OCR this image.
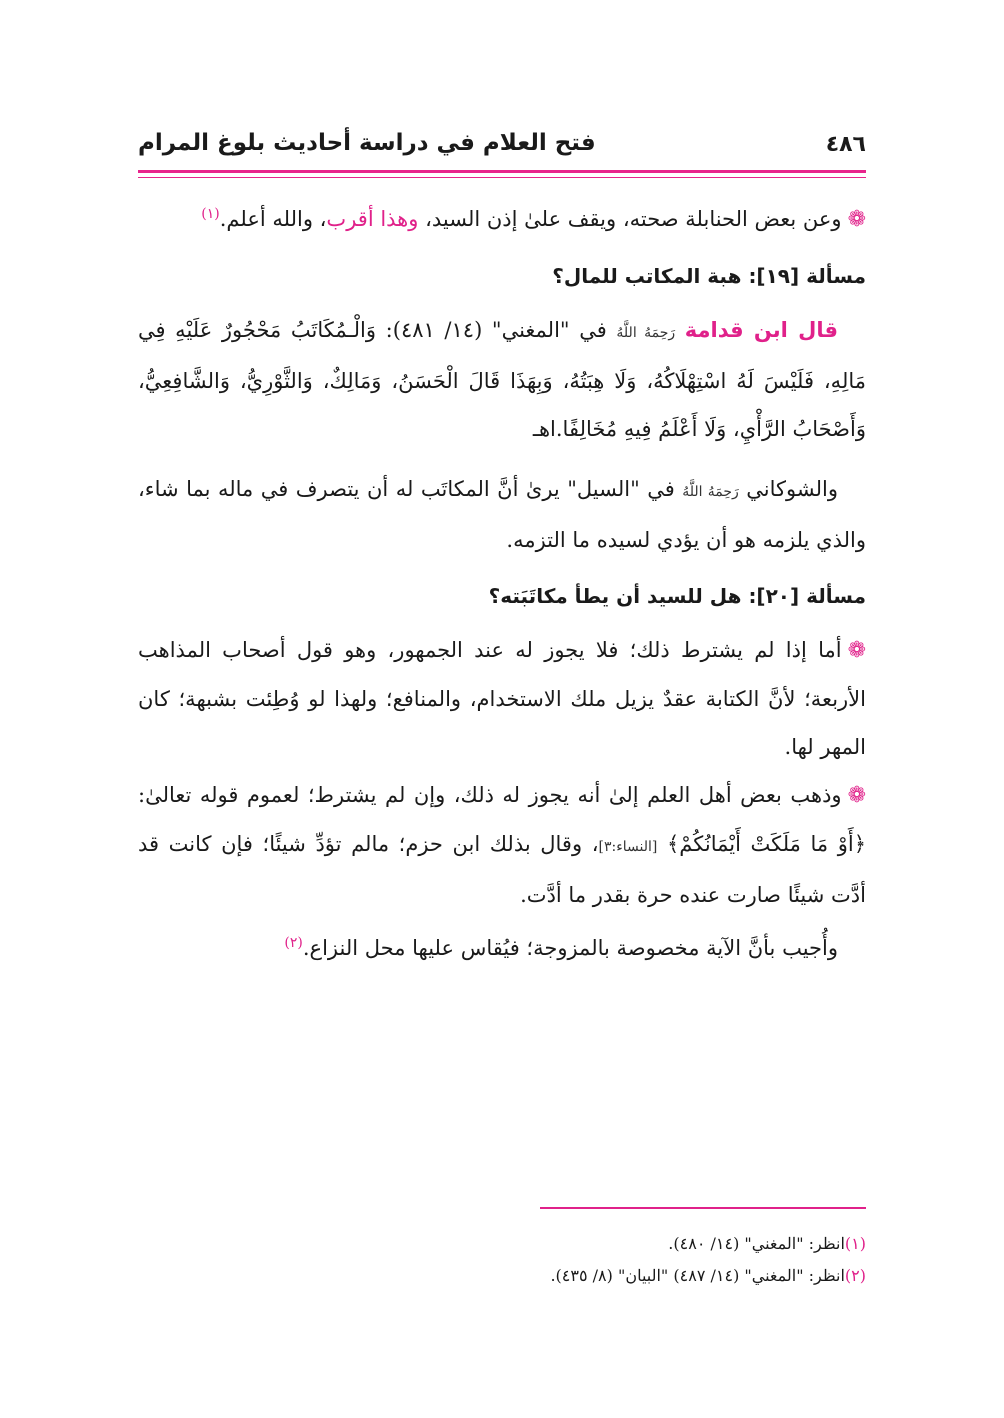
٤٨٦
فتح العلام في دراسة أحاديث بلوغ المرام

❁وعن بعض الحنابلة صحته، ويقف علىٰ إذن السيد، وهذا أقرب، والله أعلم.$^{(١)}$

مسألة [١٩]: هبة المكاتب للمال؟

قال ابن قدامة رَحِمَهُ اللَّهُ في "المغني" (١٤/ ٤٨١): وَالْـمُكَاتَبُ مَحْجُورٌ عَلَيْهِ فِي مَالِهِ، فَلَيْسَ لَهُ اسْتِهْلَاكُهُ، وَلَا هِبَتُهُ، وَبِهَذَا قَالَ الْحَسَنُ، وَمَالِكٌ، وَالثَّوْرِيُّ، وَالشَّافِعِيُّ، وَأَصْحَابُ الرَّأْيِ، وَلَا أَعْلَمُ فِيهِ مُخَالِفًا.اهـ

والشوكاني رَحِمَهُ اللَّهُ في "السيل" يرىٰ أنَّ المكاتَب له أن يتصرف في ماله بما شاء، والذي يلزمه هو أن يؤدي لسيده ما التزمه.

مسألة [٢٠]: هل للسيد أن يطأ مكاتَبَته؟

❁أما إذا لم يشترط ذلك؛ فلا يجوز له عند الجمهور، وهو قول أصحاب المذاهب الأربعة؛ لأنَّ الكتابة عقدٌ يزيل ملك الاستخدام، والمنافع؛ ولهذا لو وُطِئت بشبهة؛ كان المهر لها.

❁وذهب بعض أهل العلم إلىٰ أنه يجوز له ذلك، وإن لم يشترط؛ لعموم قوله تعالىٰ: ﴿أَوْ مَا مَلَكَتْ أَيْمَانُكُمْ﴾ [النساء:٣]، وقال بذلك ابن حزم؛ مالم تؤدِّ شيئًا؛ فإن كانت قد أدَّت شيئًا صارت عنده حرة بقدر ما أدَّت.

وأُجيب بأنَّ الآية مخصوصة بالمزوجة؛ فيُقاس عليها محل النزاع.$^{(٢)}$

(١)انظر: "المغني" (١٤/ ٤٨٠).
(٢)انظر: "المغني" (١٤/ ٤٨٧) "البيان" (٨/ ٤٣٥).
